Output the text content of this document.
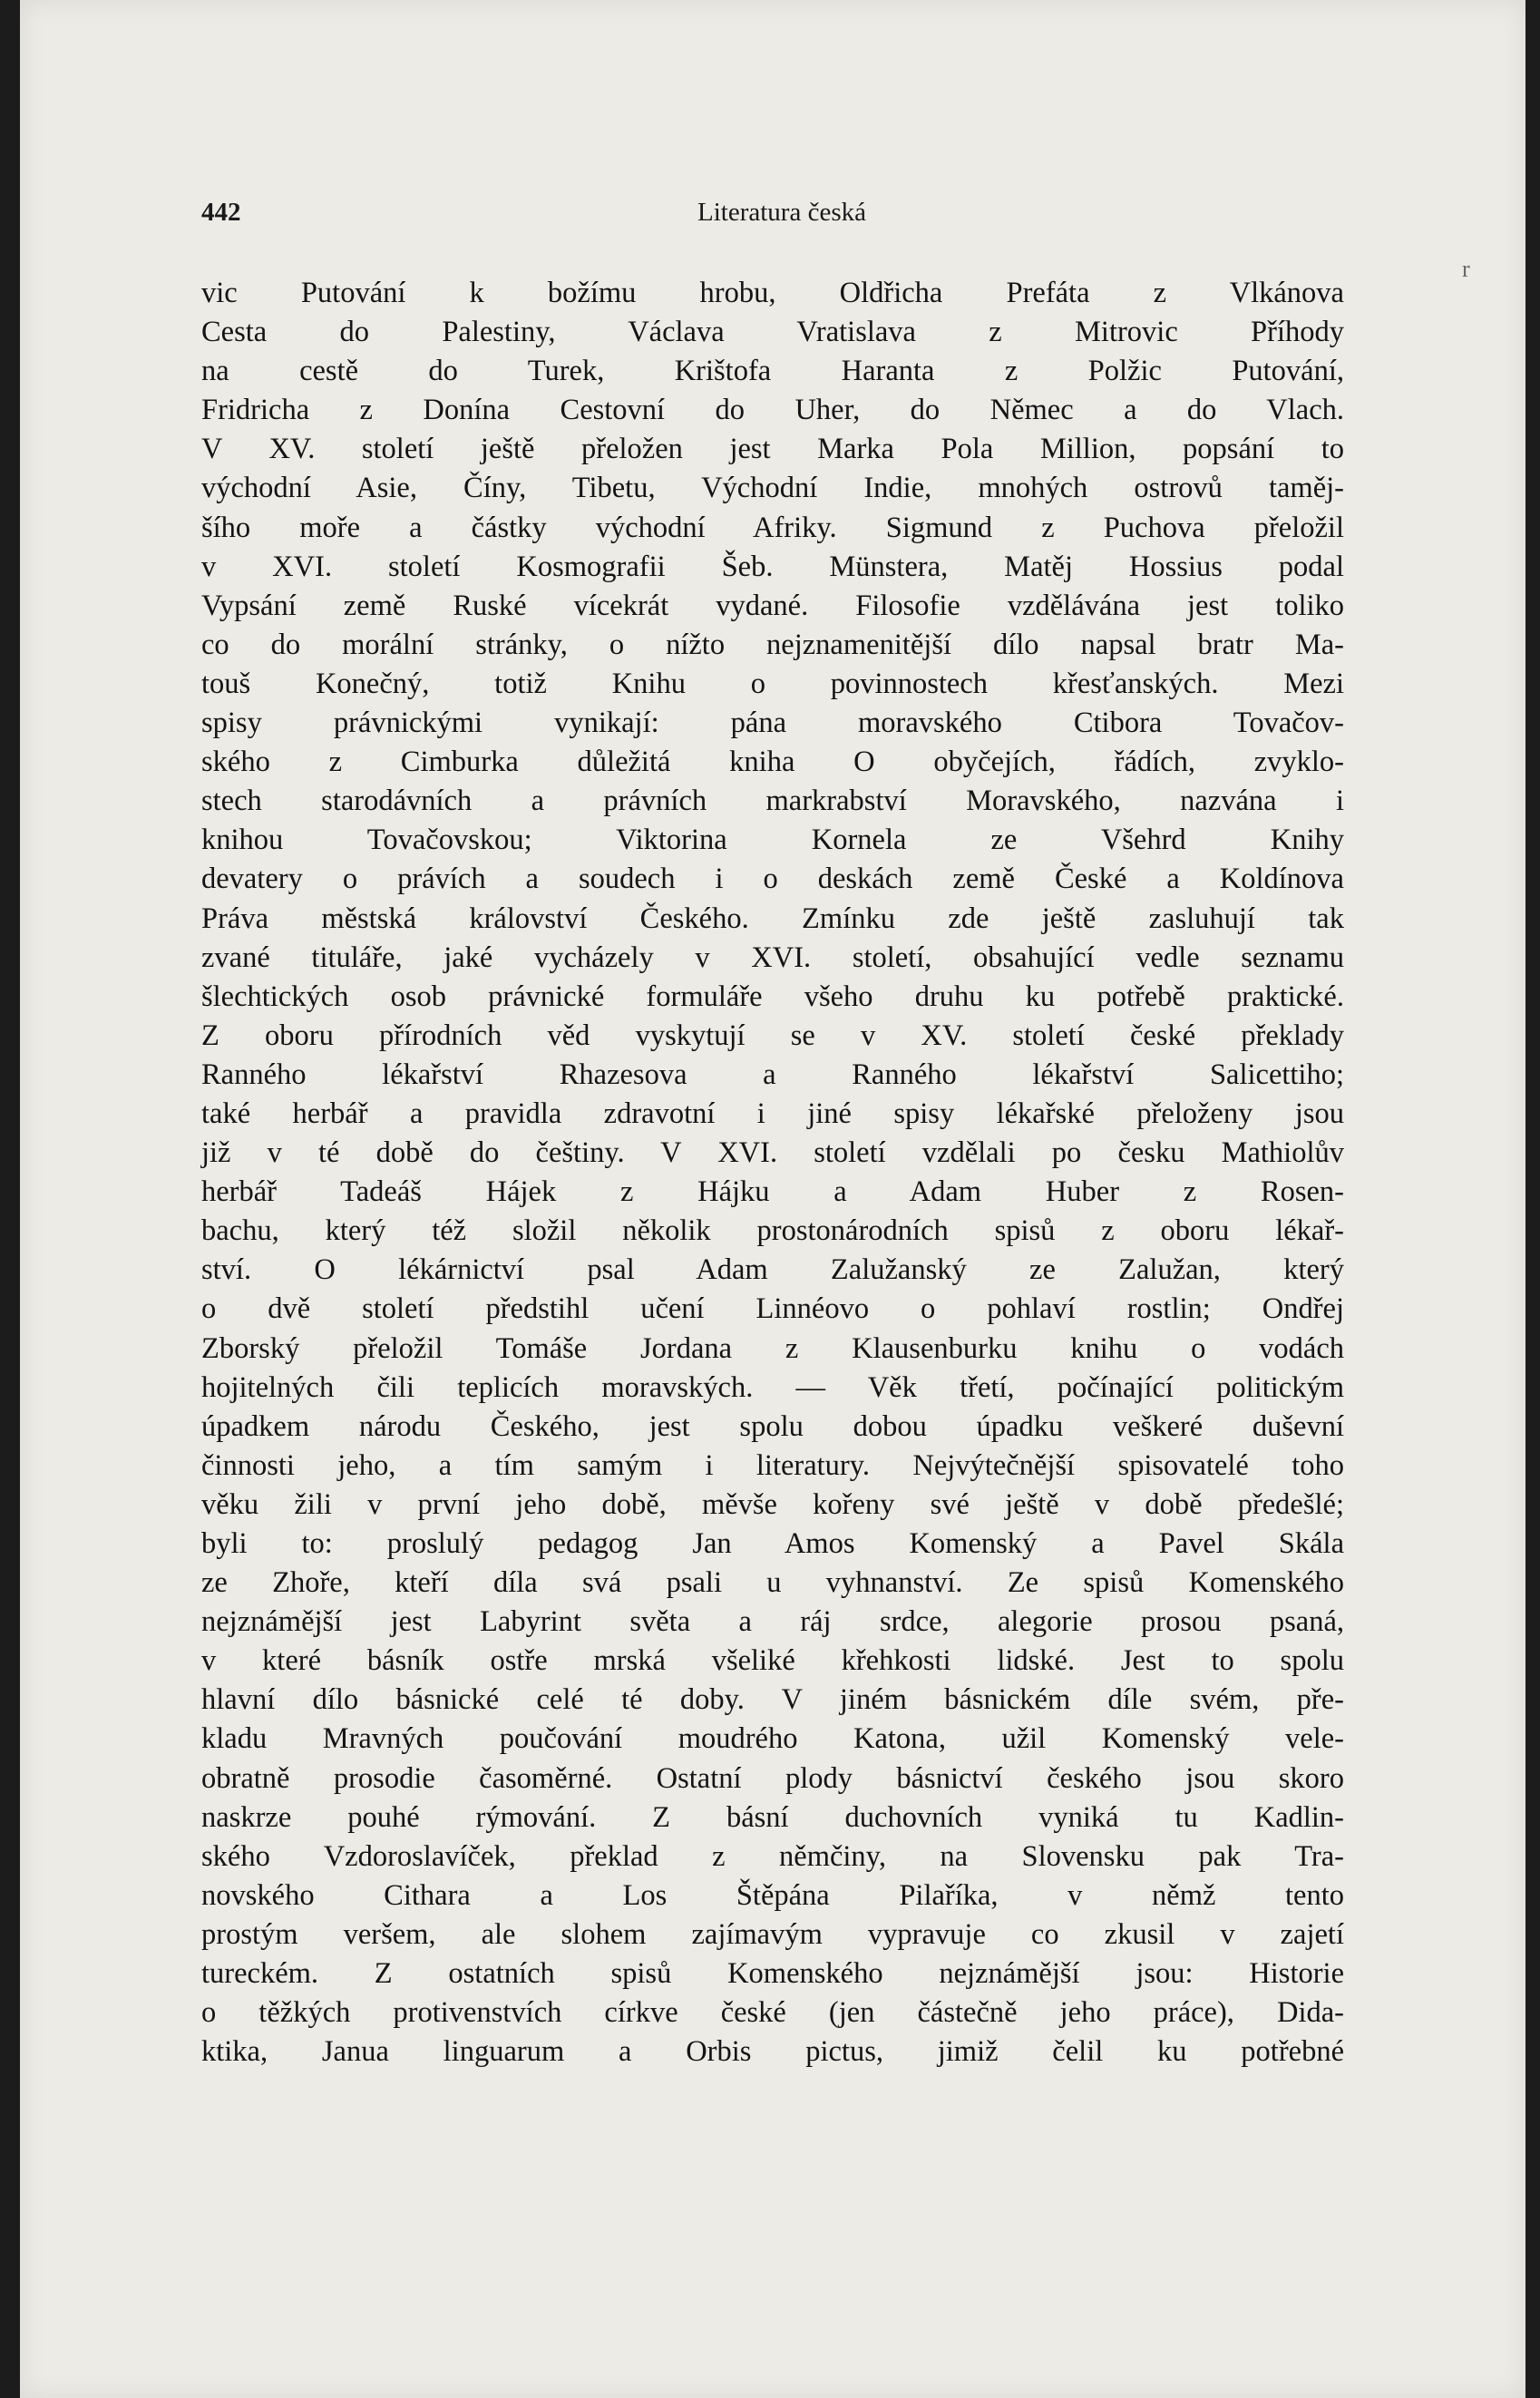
r
442	Literatura česká
vic Putování k božímu hrobu, Oldřicha Prefáta z Vlkánova
Cesta do Palestiny, Václava Vratislava z Mitrovic Příhody
na cestě do Turek, Krištofa Haranta z Polžic Putování,
Fridricha z Donína Cestovní do Uher, do Němec a do Vlach.
V XV. století ještě přeložen jest Marka Pola Million, popsání to
východní Asie, Číny, Tibetu, Východní Indie, mnohých ostrovů taměj-
šího moře a částky východní Afriky. Sigmund z Puchova přeložil
v XVI. století Kosmografii Šeb. Münstera, Matěj Hossius podal
Vypsání země Ruské vícekrát vydané. Filosofie vzdělávána jest toliko
co do morální stránky, o nížto nejznamenitější dílo napsal bratr Ma-
touš Konečný, totiž Knihu o povinnostech křesťanských. Mezi
spisy právnickými vynikají: pána moravského Ctibora Tovačov-
ského z Cimburka důležitá kniha O obyčejích, řádích, zvyklo-
stech starodávních a právních markrabství Moravského, nazvána i
knihou Tovačovskou; Viktorina Kornela ze Všehrd Knihy
devatery o právích a soudech i o deskách země České a Koldínova
Práva městská království Českého. Zmínku zde ještě zasluhují tak
zvané tituláře, jaké vycházely v XVI. století, obsahující vedle seznamu
šlechtických osob právnické formuláře všeho druhu ku potřebě praktické.
Z oboru přírodních věd vyskytují se v XV. století české překlady
Ranného lékařství Rhazesova a Ranného lékařství Salicettiho;
také herbář a pravidla zdravotní i jiné spisy lékařské přeloženy jsou
již v té době do češtiny. V XVI. století vzdělali po česku Mathiolův
herbář Tadeáš Hájek z Hájku a Adam Huber z Rosen-
bachu, který též složil několik prostonárodních spisů z oboru lékař-
ství. O lékárnictví psal Adam Zalužanský ze Zalužan, který
o dvě století předstihl učení Linnéovo o pohlaví rostlin; Ondřej
Zborský přeložil Tomáše Jordana z Klausenburku knihu o vodách
hojitelných čili teplicích moravských. — Věk třetí, počínající politickým
úpadkem národu Českého, jest spolu dobou úpadku veškeré duševní
činnosti jeho, a tím samým i literatury. Nejvýtečnější spisovatelé toho
věku žili v první jeho době, měvše kořeny své ještě v době předešlé;
byli to: proslulý pedagog Jan Amos Komenský a Pavel Skála
ze Zhoře, kteří díla svá psali u vyhnanství. Ze spisů Komenského
nejznámější jest Labyrint světa a ráj srdce, alegorie prosou psaná,
v které básník ostře mrská všeliké křehkosti lidské. Jest to spolu
hlavní dílo básnické celé té doby. V jiném básnickém díle svém, pře-
kladu Mravných poučování moudrého Katona, užil Komenský vele-
obratně prosodie časoměrné. Ostatní plody básnictví českého jsou skoro
naskrze pouhé rýmování. Z básní duchovních vyniká tu Kadlin-
ského Vzdoroslavíček, překlad z němčiny, na Slovensku pak Tra-
novského Cithara a Los Štěpána Pilaříka, v němž tento
prostým veršem, ale slohem zajímavým vypravuje co zkusil v zajetí
tureckém. Z ostatních spisů Komenského nejznámější jsou: Historie
o těžkých protivenstvích církve české (jen částečně jeho práce), Dida-
ktika, Janua linguarum a Orbis pictus, jimiž čelil ku potřebné
